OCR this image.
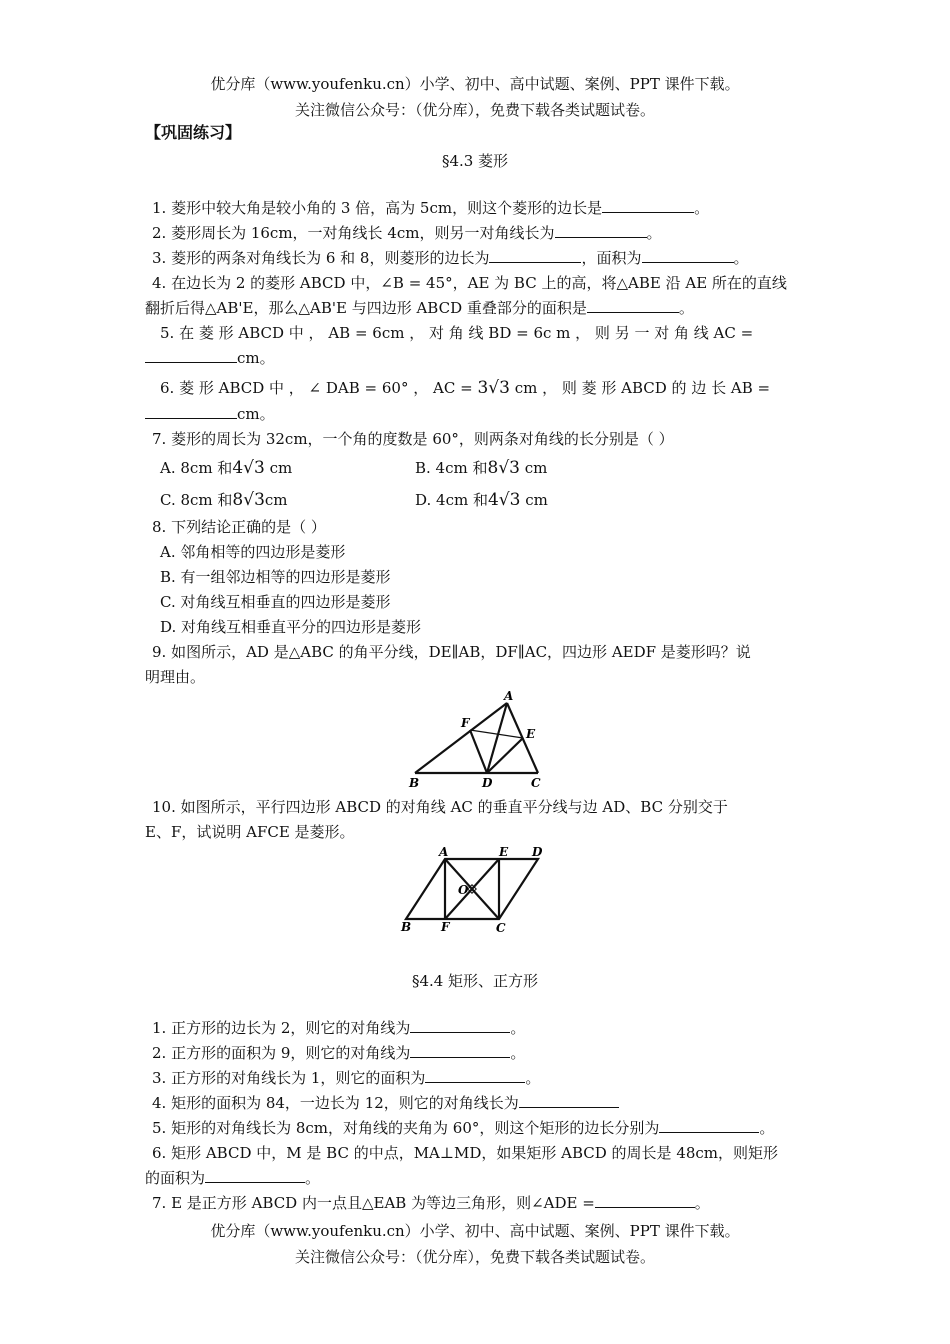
优分库（www.youfenku.cn）小学、初中、高中试题、案例、PPT 课件下载。
关注微信公众号：（优分库），免费下载各类试题试卷。
【巩固练习】
§4.3 菱形
1. 菱形中较大角是较小角的 3 倍，高为 5cm，则这个菱形的边长是	。
2. 菱形周长为 16cm，一对角线长 4cm，则另一对角线长为	。
3. 菱形的两条对角线长为 6 和 8，则菱形的边长为	，面积为	。
4. 在边长为 2 的菱形 ABCD 中，∠B = 45°，AE 为 BC 上的高，将△ABE 沿 AE 所在的直线
翻折后得△AB'E，那么△AB'E 与四边形 ABCD 重叠部分的面积是	。
5. 在 菱 形 ABCD 中 ， AB = 6cm ， 对 角 线 BD = 6c m ， 则 另 一 对 角 线 AC =
cm。
6. 菱 形 ABCD 中 ， ∠ DAB = 60° ， AC = 3√3 cm ， 则 菱 形 ABCD 的 边 长 AB =
cm。
7. 菱形的周长为 32cm，一个角的度数是 60°，则两条对角线的长分别是（ ）
A. 8cm 和4√3 cm	B. 4cm 和8√3 cm
C. 8cm 和8√3cm	D. 4cm 和4√3 cm
8. 下列结论正确的是（ ）
A. 邻角相等的四边形是菱形
B. 有一组邻边相等的四边形是菱形
C. 对角线互相垂直的四边形是菱形
D. 对角线互相垂直平分的四边形是菱形
9. 如图所示，AD 是△ABC 的角平分线，DE∥AB，DF∥AC，四边形 AEDF 是菱形吗？说
明理由。
A
B	C
D
E
F
10. 如图所示，平行四边形 ABCD 的对角线 AC 的垂直平分线与边 AD、BC 分别交于
E、F，试说明 AFCE 是菱形。
A
B	C
D
E
F
O
§4.4 矩形、正方形
1. 正方形的边长为 2，则它的对角线为	。
2. 正方形的面积为 9，则它的对角线为	。
3. 正方形的对角线长为 1，则它的面积为	。
4. 矩形的面积为 84，一边长为 12，则它的对角线长为
5. 矩形的对角线长为 8cm，对角线的夹角为 60°，则这个矩形的边长分别为	。
6. 矩形 ABCD 中，M 是 BC 的中点，MA⊥MD，如果矩形 ABCD 的周长是 48cm，则矩形
的面积为	。
7. E 是正方形 ABCD 内一点且△EAB 为等边三角形，则∠ADE =	。
优分库（www.youfenku.cn）小学、初中、高中试题、案例、PPT 课件下载。
关注微信公众号：（优分库），免费下载各类试题试卷。
